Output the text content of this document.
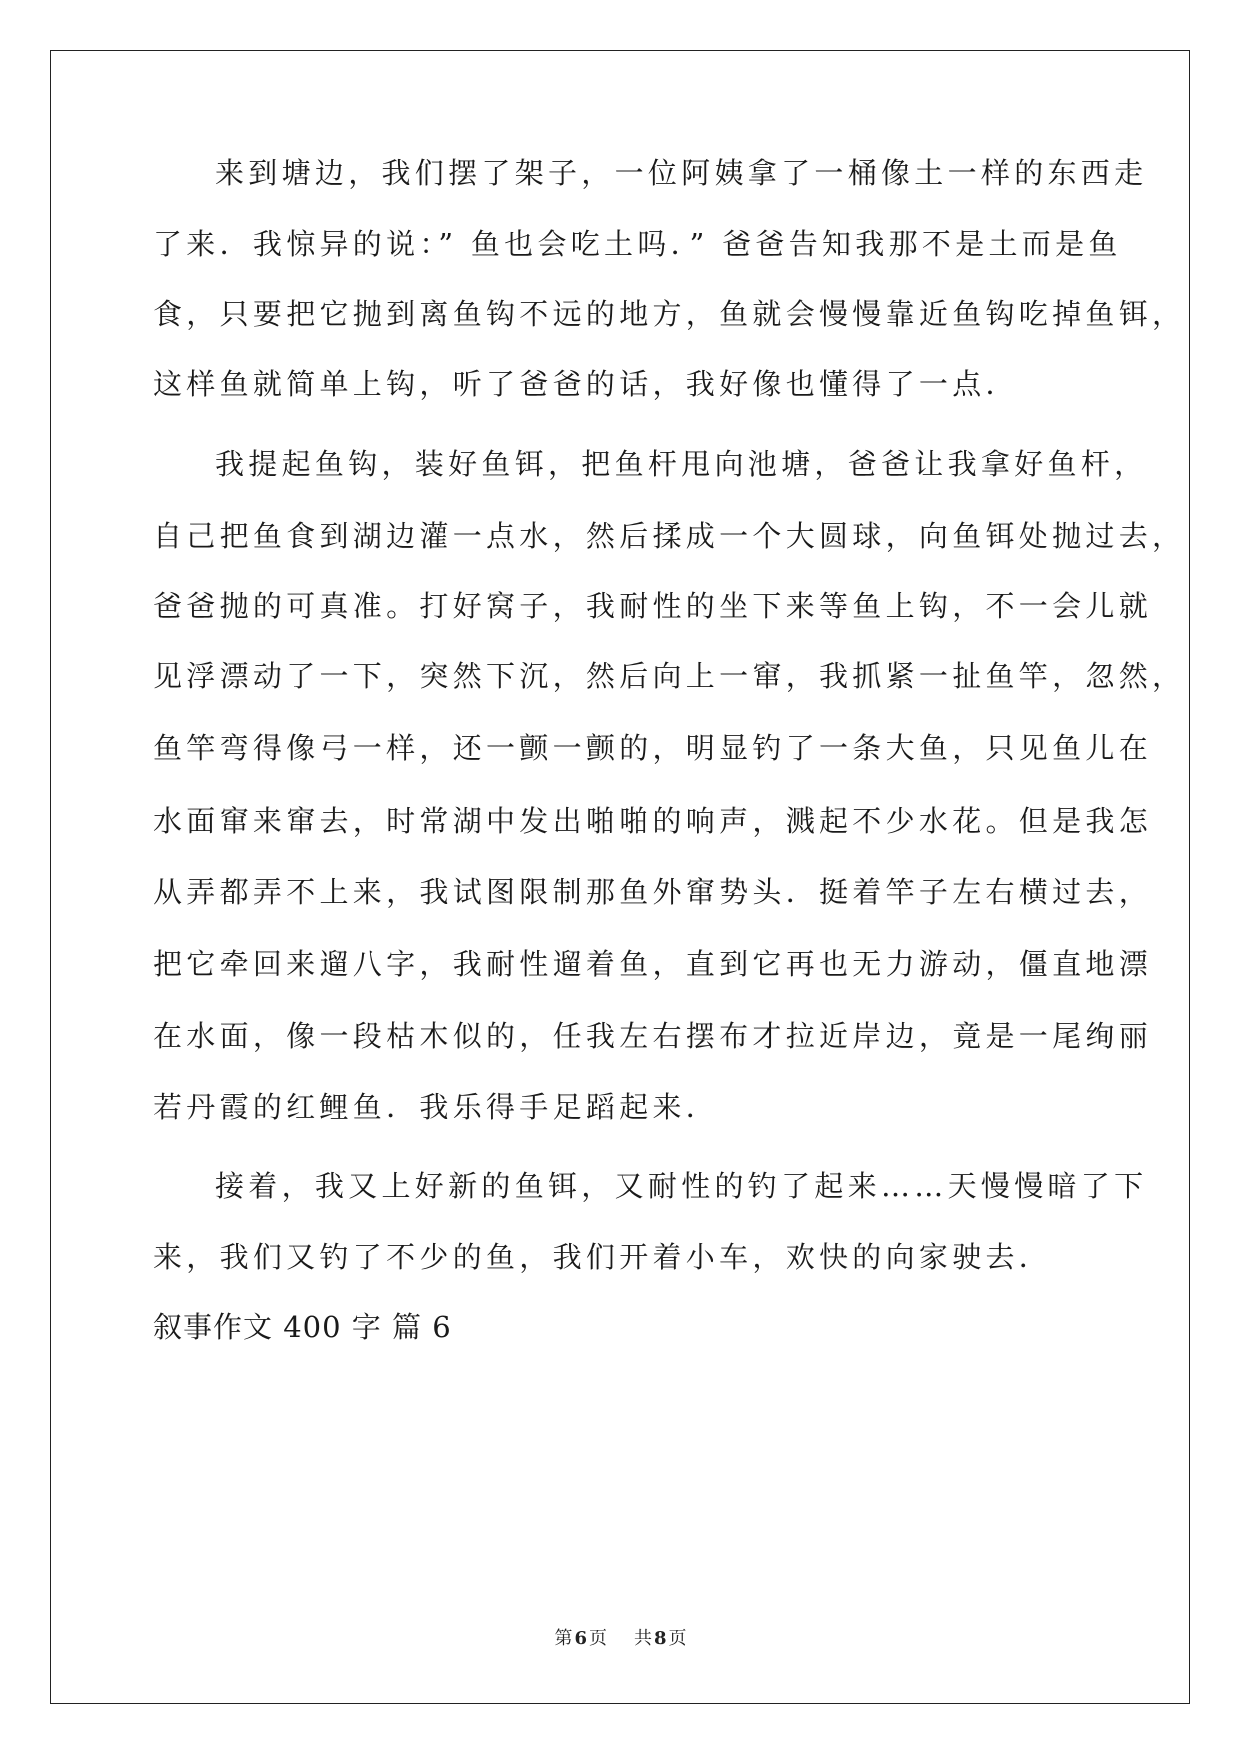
来到塘边，我们摆了架子，一位阿姨拿了一桶像土一样的东西走
了来．我惊异的说：” 鱼也会吃土吗．” 爸爸告知我那不是土而是鱼
食，只要把它抛到离鱼钩不远的地方，鱼就会慢慢靠近鱼钩吃掉鱼铒，
这样鱼就简单上钩，听了爸爸的话，我好像也懂得了一点．
我提起鱼钩，装好鱼铒，把鱼杆甩向池塘，爸爸让我拿好鱼杆，
自己把鱼食到湖边灌一点水，然后揉成一个大圆球，向鱼铒处抛过去，
爸爸抛的可真准。打好窝子，我耐性的坐下来等鱼上钩，不一会儿就
见浮漂动了一下，突然下沉，然后向上一窜，我抓紧一扯鱼竿，忽然，
鱼竿弯得像弓一样，还一颤一颤的，明显钓了一条大鱼，只见鱼儿在
水面窜来窜去，时常湖中发出啪啪的响声，溅起不少水花。但是我怎
从弄都弄不上来，我试图限制那鱼外窜势头．挺着竿子左右横过去，
把它牵回来遛八字，我耐性遛着鱼，直到它再也无力游动，僵直地漂
在水面，像一段枯木似的，任我左右摆布才拉近岸边，竟是一尾绚丽
若丹霞的红鲤鱼．我乐得手足蹈起来．
接着，我又上好新的鱼铒，又耐性的钓了起来……天慢慢暗了下
来，我们又钓了不少的鱼，我们开着小车，欢快的向家驶去．
叙事作文 400 字 篇 6
第 6 页 共 8 页
